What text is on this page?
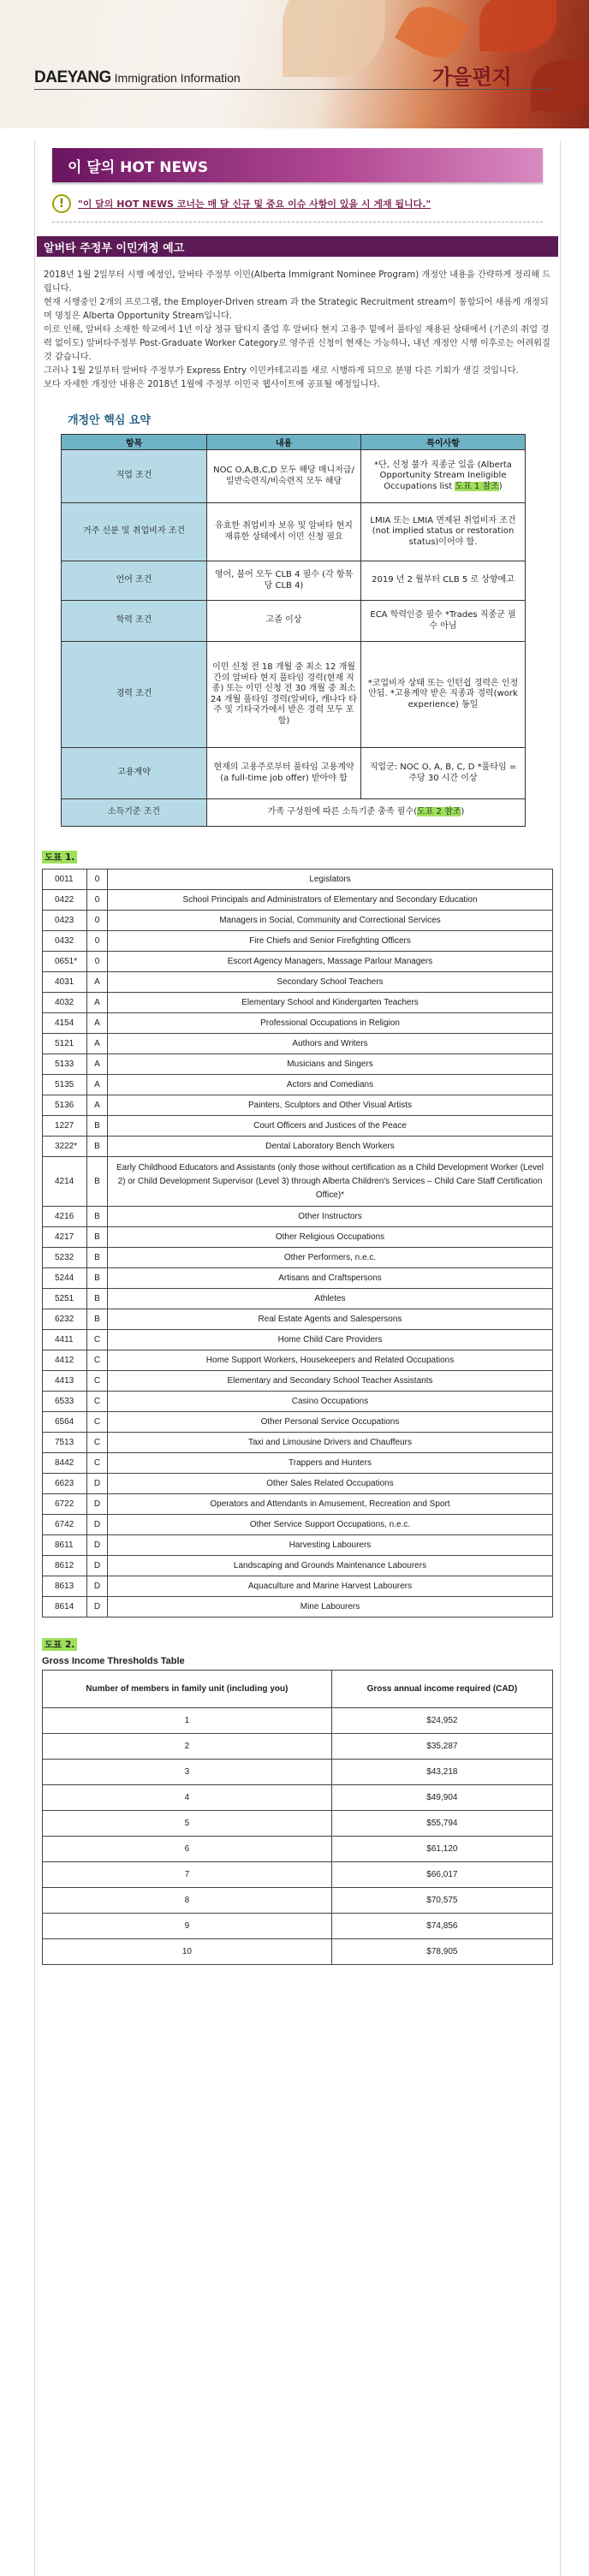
DAEYANG Immigration Information	가을편지
이 달의 HOT NEWS
!	"이 달의 HOT NEWS 코너는 매 달 신규 및 중요 이슈 사항이 있을 시 게재 됩니다."
알버타 주정부 이민개정 예고
2018년 1월 2일부터 시행 예정인, 알버타 주정부 이민(Alberta Immigrant Nominee Program) 개정안 내용을 간략하게 정리해 드립니다.
현재 시행중인 2개의 프로그램, the Employer-Driven stream 과 the Strategic Recruitment stream이 통합되어 새롭게 개정되며 명칭은 Alberta Opportunity Stream입니다.
이로 인해, 알버타 소재한 학교에서 1년 이상 정규 탑티지 졸업 후 알버타 현지 고용주 밑에서 풀타임 재용된 상태에서 (기존의 취업 경력 없이도) 알버타주정부 Post-Graduate Worker Category로 영주권 신청이 현재는 가능하나, 내년 개정안 시행 이후로는 어려워질 것 같습니다.
그러나 1월 2일부터 알버타 주정부가 Express Entry 이민카테고리를 새로 시행하게 되므로 분명 다른 기회가 생길 것입니다.
보다 자세한 개정안 내용은 2018년 1월에 주정부 이민국 웹사이트에 공표될 예정입니다.
개정안 핵심 요약
항목	내용	특이사항
직업 조건	NOC O,A,B,C,D 모두 해당 매니저급/일반숙련직/비숙련직 모두 해당	*단, 신청 불가 직종군 있음 (Alberta Opportunity Stream Ineligible Occupations list 도표 1 참조)
거주 신분 및 취업비자 조건	유효한 취업비자 보유 및 알버타 현지 재류한 상태에서 이민 신청 필요	LMIA 또는 LMIA 면제된 취업비자 조건(not implied status or restoration status)이어야 함.
언어 조건	영어, 불어 모두 CLB 4 필수 (각 항목당 CLB 4)	2019 년 2 월부터 CLB 5 로 상향예고
학력 조건	고졸 이상	ECA 학력인증 필수 *Trades 직종군 필수 아님
경력 조건	이민 신청 전 18 개월 중 최소 12 개월간의 알버타 현지 풀타임 경력(현재 직종) 또는 이민 신청 전 30 개월 중 최소 24 개월 풀타임 경력(알버타, 캐나다 타주 및 기타국가에서 받은 경력 모두 포함)	*코업비자 상태 또는 인턴쉽 경력은 인정 안됨. *고용계약 받은 직종과 경력(work experience) 동일
고용계약	현재의 고용주로부터 풀타임 고용계약(a full-time job offer) 받아야 함	직업군: NOC O, A, B, C, D *풀타임 = 주당 30 시간 이상
소득기준 조건	가족 구성원에 따른 소득기준 충족 필수(도표 2 참조)	
도표 1.
0011	0	Legislators
0422	0	School Principals and Administrators of Elementary and Secondary Education
0423	0	Managers in Social, Community and Correctional Services
0432	0	Fire Chiefs and Senior Firefighting Officers
0651*	0	Escort Agency Managers, Massage Parlour Managers
4031	A	Secondary School Teachers
4032	A	Elementary School and Kindergarten Teachers
4154	A	Professional Occupations in Religion
5121	A	Authors and Writers
5133	A	Musicians and Singers
5135	A	Actors and Comedians
5136	A	Painters, Sculptors and Other Visual Artists
1227	B	Court Officers and Justices of the Peace
3222*	B	Dental Laboratory Bench Workers
4214	B	Early Childhood Educators and Assistants (only those without certification as a Child Development Worker (Level 2) or Child Development Supervisor (Level 3) through Alberta Children's Services – Child Care Staff Certification Office)*
4216	B	Other Instructors
4217	B	Other Religious Occupations
5232	B	Other Performers, n.e.c.
5244	B	Artisans and Craftspersons
5251	B	Athletes
6232	B	Real Estate Agents and Salespersons
4411	C	Home Child Care Providers
4412	C	Home Support Workers, Housekeepers and Related Occupations
4413	C	Elementary and Secondary School Teacher Assistants
6533	C	Casino Occupations
6564	C	Other Personal Service Occupations
7513	C	Taxi and Limousine Drivers and Chauffeurs
8442	C	Trappers and Hunters
6623	D	Other Sales Related Occupations
6722	D	Operators and Attendants in Amusement, Recreation and Sport
6742	D	Other Service Support Occupations, n.e.c.
8611	D	Harvesting Labourers
8612	D	Landscaping and Grounds Maintenance Labourers
8613	D	Aquaculture and Marine Harvest Labourers
8614	D	Mine Labourers
도표 2.
Gross Income Thresholds Table
Number of members in family unit (including you)	Gross annual income required (CAD)
1	$24,952
2	$35,287
3	$43,218
4	$49,904
5	$55,794
6	$61,120
7	$66,017
8	$70,575
9	$74,856
10	$78,905
